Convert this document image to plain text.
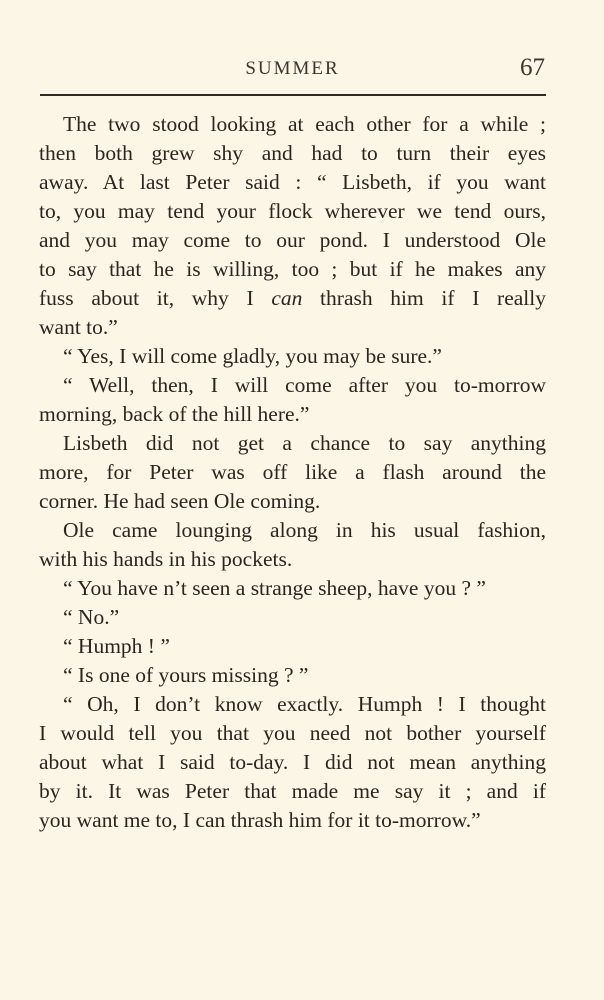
SUMMER	67
The two stood looking at each other for a while ;
then both grew shy and had to turn their eyes
away. At last Peter said : “ Lisbeth, if you want
to, you may tend your flock wherever we tend ours,
and you may come to our pond. I understood Ole
to say that he is willing, too ; but if he makes any
fuss about it, why I can thrash him if I really
want to.”
“ Yes, I will come gladly, you may be sure.”
“ Well, then, I will come after you to-morrow
morning, back of the hill here.”
Lisbeth did not get a chance to say anything
more, for Peter was off like a flash around the
corner. He had seen Ole coming.
Ole came lounging along in his usual fashion,
with his hands in his pockets.
“ You have n’t seen a strange sheep, have you ? ”
“ No.”
“ Humph ! ”
“ Is one of yours missing ? ”
“ Oh, I don’t know exactly. Humph ! I thought
I would tell you that you need not bother yourself
about what I said to-day. I did not mean anything
by it. It was Peter that made me say it ; and if
you want me to, I can thrash him for it to-morrow.”
